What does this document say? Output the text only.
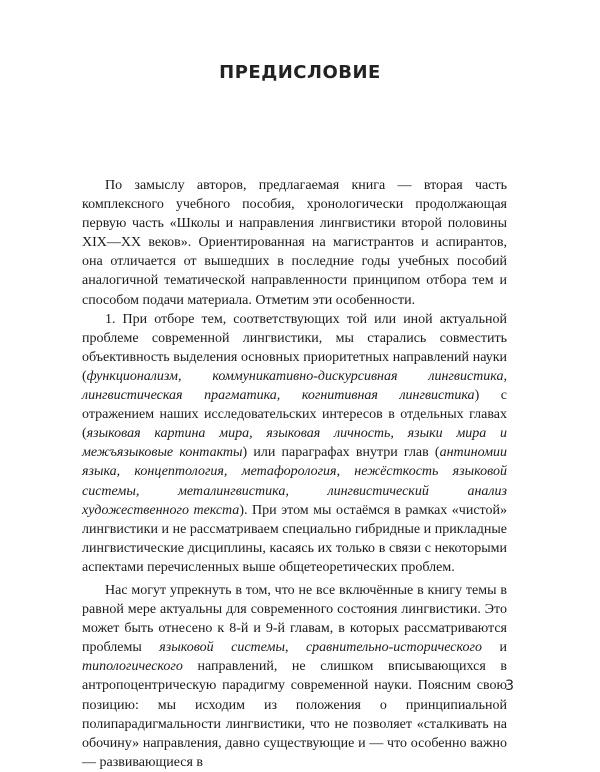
ПРЕДИСЛОВИЕ

По замыслу авторов, предлагаемая книга — вторая часть комплексного учебного пособия, хронологически продолжающая первую часть «Школы и направления лингвистики второй половины XIX—XX веков». Ориентированная на магистрантов и аспирантов, она отличается от вышедших в последние годы учебных пособий аналогичной тематической направленности принципом отбора тем и способом подачи материала. Отметим эти особенности.

1. При отборе тем, соответствующих той или иной актуальной проблеме современной лингвистики, мы старались совместить объективность выделения основных приоритетных направлений науки (функционализм, коммуникативно-дискурсивная лингвистика, лингвистическая прагматика, когнитивная лингвистика) с отражением наших исследовательских интересов в отдельных главах (языковая картина мира, языковая личность, языки мира и межъязыковые контакты) или параграфах внутри глав (антиномии языка, концептология, метафорология, нежёсткость языковой системы, металингвистика, лингвистический анализ художественного текста). При этом мы остаёмся в рамках «чистой» лингвистики и не рассматриваем специально гибридные и прикладные лингвистические дисциплины, касаясь их только в связи с некоторыми аспектами перечисленных выше общетеоретических проблем.

Нас могут упрекнуть в том, что не все включённые в книгу темы в равной мере актуальны для современного состояния лингвистики. Это может быть отнесено к 8-й и 9-й главам, в которых рассматриваются проблемы языковой системы, сравнительно-исторического и типологического направлений, не слишком вписывающихся в антропоцентрическую парадигму современной науки. Поясним свою позицию: мы исходим из положения о принципиальной полипарадигмальности лингвистики, что не позволяет «сталкивать на обочину» направления, давно существующие и — что особенно важно — развивающиеся в

3
